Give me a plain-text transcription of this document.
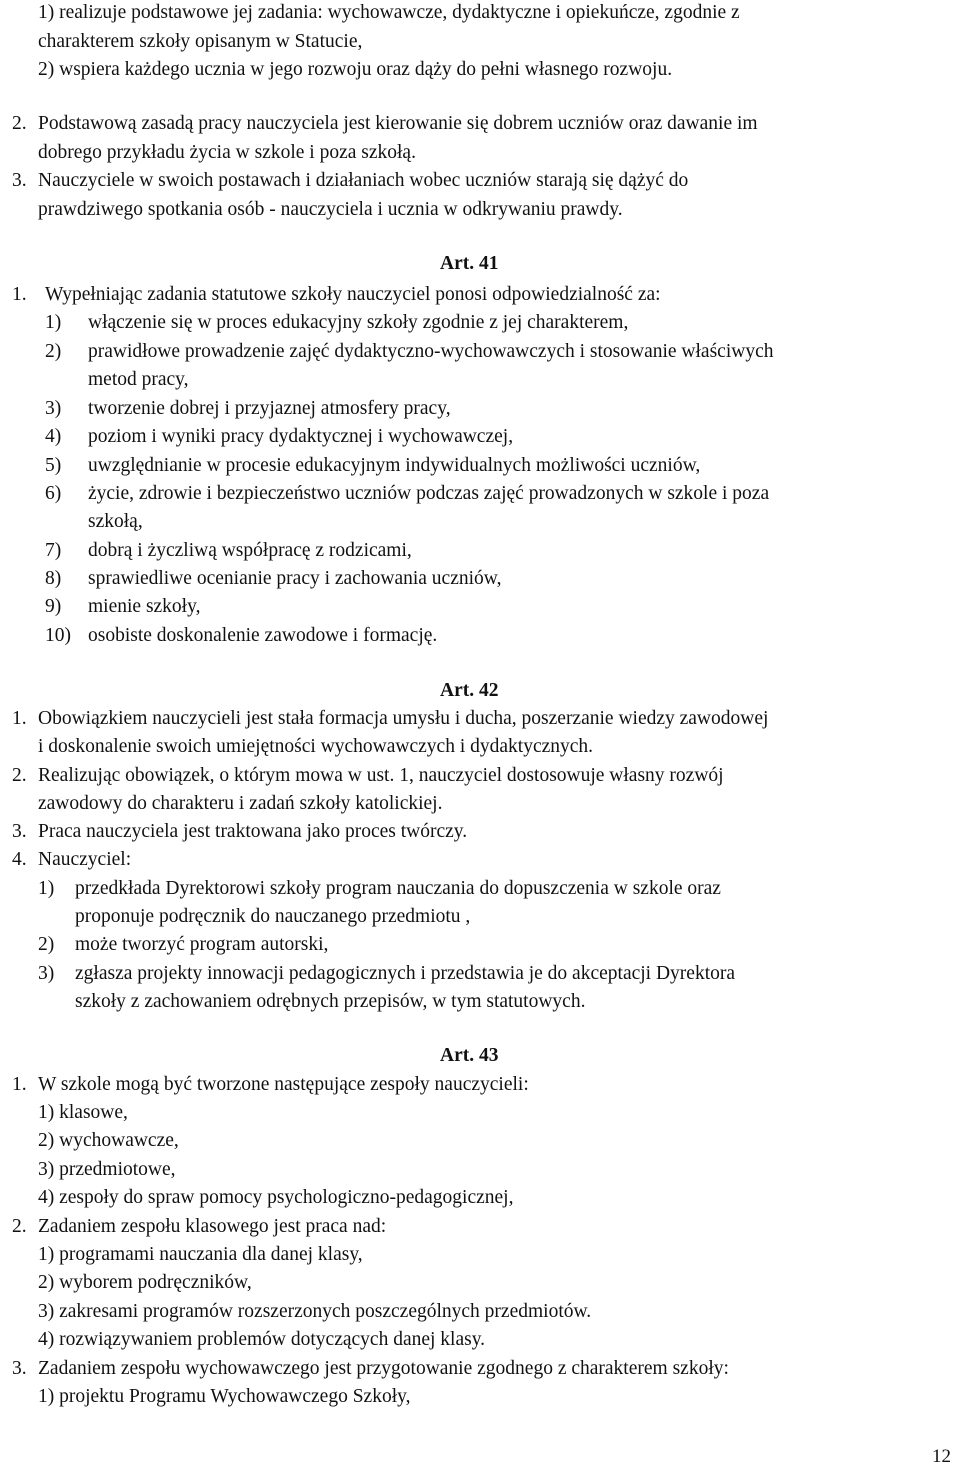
1) realizuje podstawowe jej zadania: wychowawcze, dydaktyczne i opiekuńcze, zgodnie z
charakterem szkoły opisanym w Statucie,
2) wspiera każdego ucznia w jego rozwoju oraz dąży do pełni własnego rozwoju.
2. Podstawową zasadą pracy nauczyciela jest kierowanie się dobrem uczniów oraz dawanie im
dobrego przykładu życia w szkole i poza szkołą.
3. Nauczyciele w swoich postawach i działaniach wobec uczniów starają się dążyć do
prawdziwego spotkania osób - nauczyciela i ucznia w odkrywaniu prawdy.
Art. 41
1. Wypełniając zadania statutowe szkoły nauczyciel ponosi odpowiedzialność za:
1) włączenie się w proces edukacyjny szkoły zgodnie z jej charakterem,
2) prawidłowe prowadzenie zajęć dydaktyczno-wychowawczych i stosowanie właściwych
metod pracy,
3) tworzenie dobrej i przyjaznej atmosfery pracy,
4) poziom i wyniki pracy dydaktycznej i wychowawczej,
5) uwzględnianie w procesie edukacyjnym indywidualnych możliwości uczniów,
6) życie, zdrowie i bezpieczeństwo uczniów podczas zajęć prowadzonych w szkole i poza
szkołą,
7) dobrą i życzliwą współpracę z rodzicami,
8) sprawiedliwe ocenianie pracy i zachowania uczniów,
9) mienie szkoły,
10) osobiste doskonalenie zawodowe i formację.
Art. 42
1. Obowiązkiem nauczycieli jest stała formacja umysłu i ducha, poszerzanie wiedzy zawodowej
i doskonalenie swoich umiejętności wychowawczych i dydaktycznych.
2. Realizując obowiązek, o którym mowa w ust. 1, nauczyciel dostosowuje własny rozwój
zawodowy do charakteru i zadań szkoły katolickiej.
3. Praca nauczyciela jest traktowana jako proces twórczy.
4. Nauczyciel:
1) przedkłada Dyrektorowi szkoły program nauczania do dopuszczenia w szkole oraz
proponuje podręcznik do nauczanego przedmiotu ,
2) może tworzyć program autorski,
3) zgłasza projekty innowacji pedagogicznych i przedstawia je do akceptacji Dyrektora
szkoły z zachowaniem odrębnych przepisów, w tym statutowych.
Art. 43
1. W szkole mogą być tworzone następujące zespoły nauczycieli:
1) klasowe,
2) wychowawcze,
3) przedmiotowe,
4) zespoły do spraw pomocy psychologiczno-pedagogicznej,
2. Zadaniem zespołu klasowego jest praca nad:
1) programami nauczania dla danej klasy,
2) wyborem podręczników,
3) zakresami programów rozszerzonych poszczególnych przedmiotów.
4) rozwiązywaniem problemów dotyczących danej klasy.
3. Zadaniem zespołu wychowawczego jest przygotowanie zgodnego z charakterem szkoły:
1) projektu Programu Wychowawczego Szkoły,
12
